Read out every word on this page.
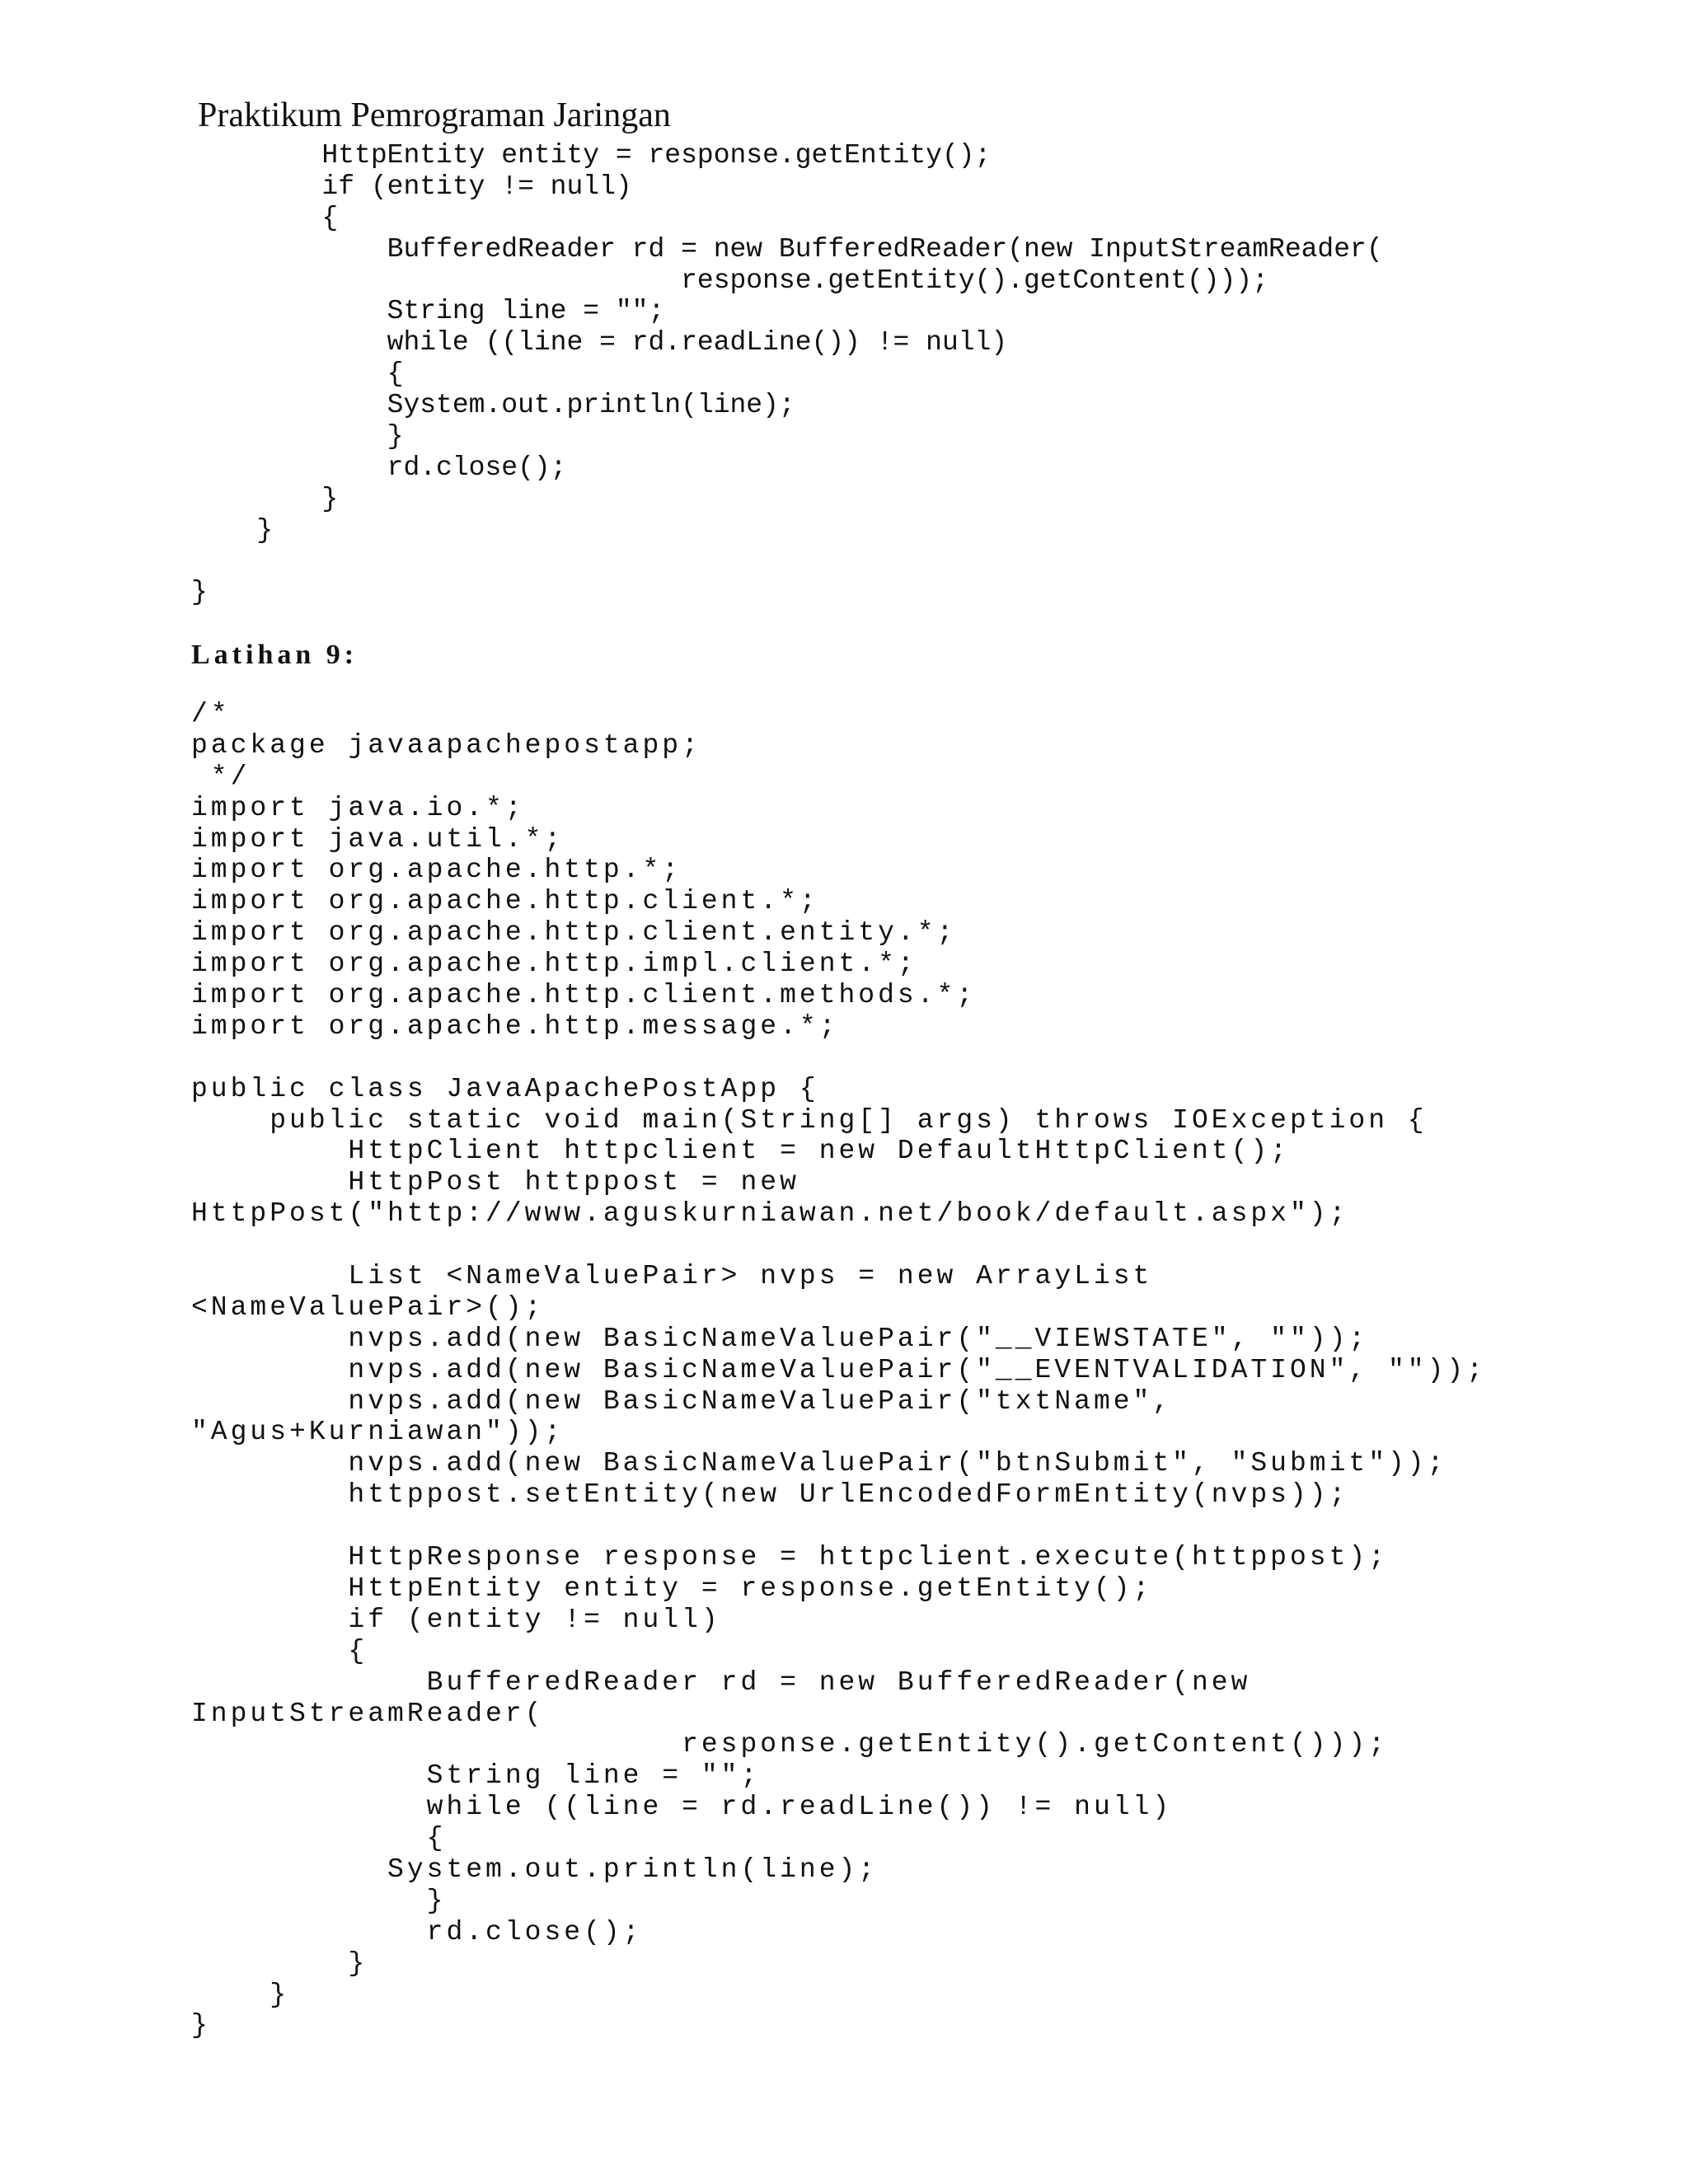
Praktikum Pemrograman Jaringan
HttpEntity entity = response.getEntity();
if (entity != null)
{
BufferedReader rd = new BufferedReader(new InputStreamReader(
response.getEntity().getContent()));
String line = "";
while ((line = rd.readLine()) != null)
{
System.out.println(line);
}
rd.close();
}
}
}
Latihan 9:
/*
package javaapachepostapp;
*/
import java.io.*;
import java.util.*;
import org.apache.http.*;
import org.apache.http.client.*;
import org.apache.http.client.entity.*;
import org.apache.http.impl.client.*;
import org.apache.http.client.methods.*;
import org.apache.http.message.*;
public class JavaApachePostApp {
public static void main(String[] args) throws IOException {
HttpClient httpclient = new DefaultHttpClient();
HttpPost httppost = new
HttpPost("http://www.aguskurniawan.net/book/default.aspx");
List <NameValuePair> nvps = new ArrayList
<NameValuePair>();
nvps.add(new BasicNameValuePair("__VIEWSTATE", ""));
nvps.add(new BasicNameValuePair("__EVENTVALIDATION", ""));
nvps.add(new BasicNameValuePair("txtName",
"Agus+Kurniawan"));
nvps.add(new BasicNameValuePair("btnSubmit", "Submit"));
httppost.setEntity(new UrlEncodedFormEntity(nvps));
HttpResponse response = httpclient.execute(httppost);
HttpEntity entity = response.getEntity();
if (entity != null)
{
BufferedReader rd = new BufferedReader(new
InputStreamReader(
response.getEntity().getContent()));
String line = "";
while ((line = rd.readLine()) != null)
{
System.out.println(line);
}
rd.close();
}
}
}
